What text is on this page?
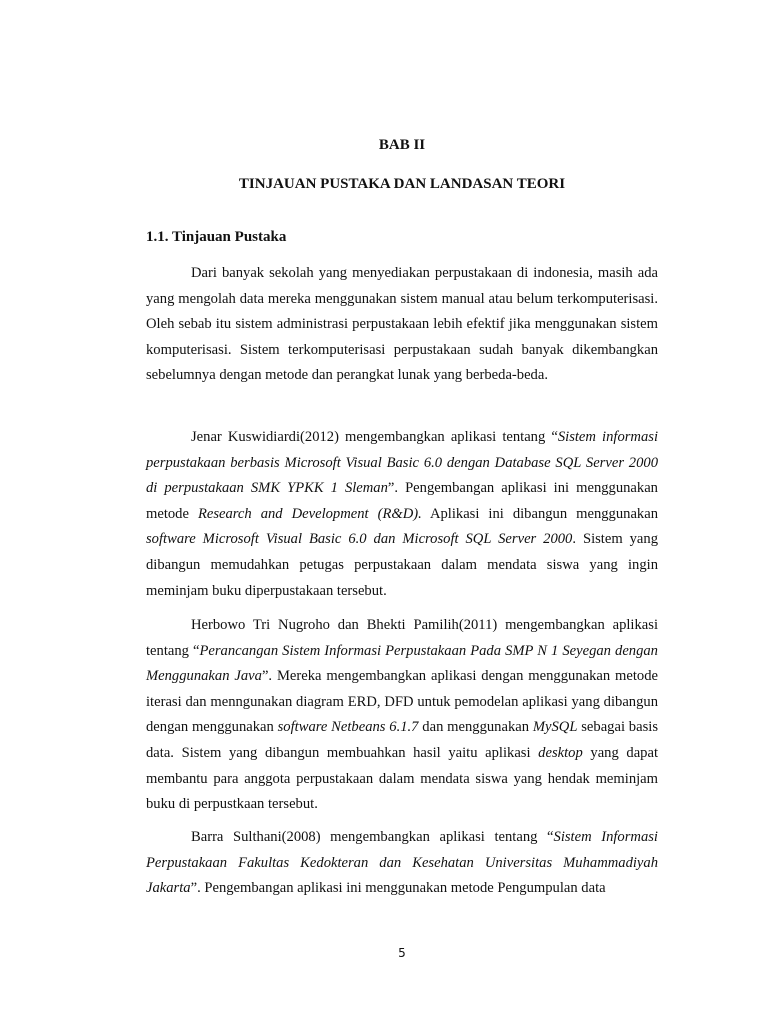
BAB II
TINJAUAN PUSTAKA DAN LANDASAN TEORI
1.1. Tinjauan Pustaka

Dari banyak sekolah yang menyediakan perpustakaan di indonesia, masih ada yang mengolah data mereka menggunakan sistem manual atau belum terkomputerisasi. Oleh sebab itu sistem administrasi perpustakaan lebih efektif jika menggunakan sistem komputerisasi. Sistem terkomputerisasi perpustakaan sudah banyak dikembangkan sebelumnya dengan metode dan perangkat lunak yang berbeda-beda.

Jenar Kuswidiardi(2012) mengembangkan aplikasi tentang “Sistem informasi perpustakaan berbasis Microsoft Visual Basic 6.0 dengan Database SQL Server 2000 di perpustakaan SMK YPKK 1 Sleman”. Pengembangan aplikasi ini menggunakan metode Research and Development (R&D). Aplikasi ini dibangun menggunakan software Microsoft Visual Basic 6.0 dan Microsoft SQL Server 2000. Sistem yang dibangun memudahkan petugas perpustakaan dalam mendata siswa yang ingin meminjam buku diperpustakaan tersebut.

Herbowo Tri Nugroho dan Bhekti Pamilih(2011) mengembangkan aplikasi tentang “Perancangan Sistem Informasi Perpustakaan Pada SMP N 1 Seyegan dengan Menggunakan Java”. Mereka mengembangkan aplikasi dengan menggunakan metode iterasi dan menngunakan diagram ERD, DFD untuk pemodelan aplikasi yang dibangun dengan menggunakan software Netbeans 6.1.7 dan menggunakan MySQL sebagai basis data. Sistem yang dibangun membuahkan hasil yaitu aplikasi desktop yang dapat membantu para anggota perpustakaan dalam mendata siswa yang hendak meminjam buku di perpustkaan tersebut.

Barra Sulthani(2008) mengembangkan aplikasi tentang “Sistem Informasi Perpustakaan Fakultas Kedokteran dan Kesehatan Universitas Muhammadiyah Jakarta”. Pengembangan aplikasi ini menggunakan metode Pengumpulan data

5
